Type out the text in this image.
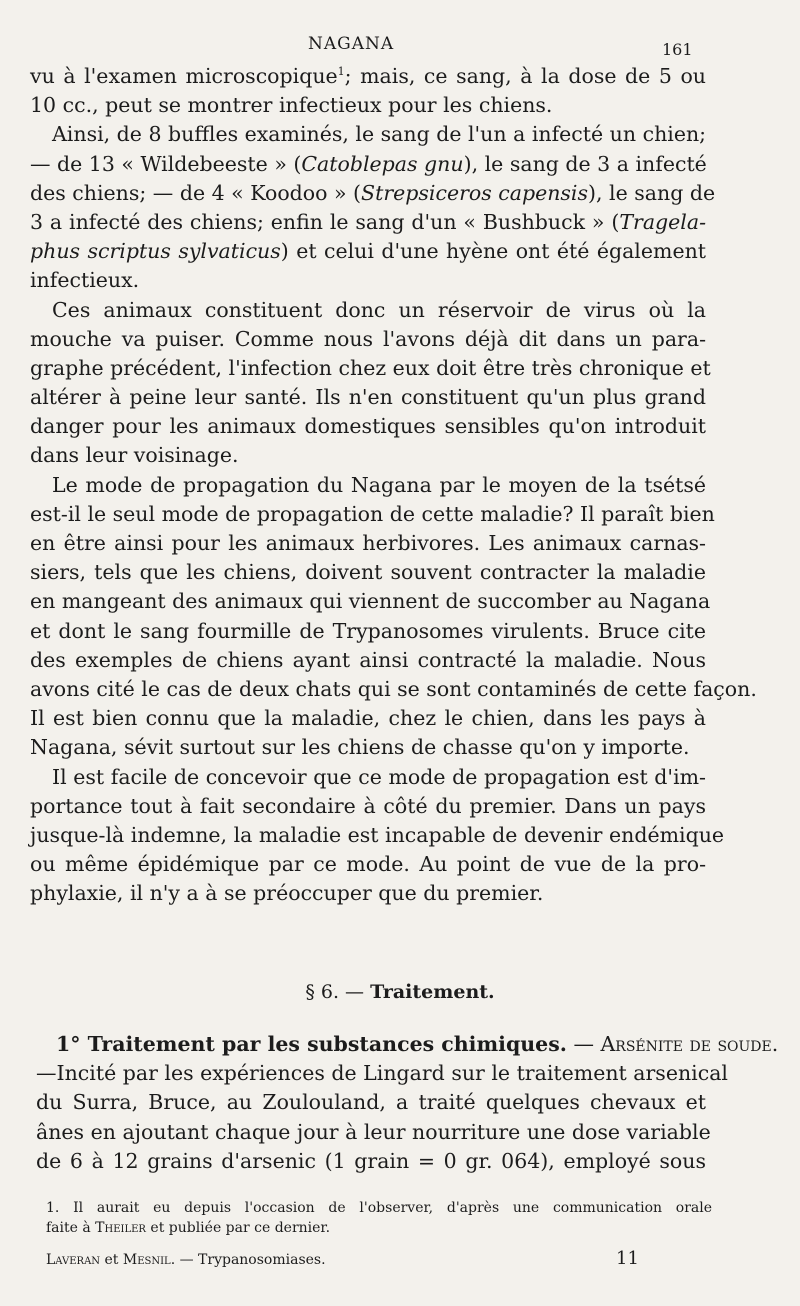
NAGANA	161
vu à l'examen microscopique$^1$; mais, ce sang, à la dose de 5 ou
10 cc., peut se montrer infectieux pour les chiens.
Ainsi, de 8 buffles examinés, le sang de l'un a infecté un chien;
— de 13 « Wildebeeste » (Catoblepas gnu), le sang de 3 a infecté
des chiens; — de 4 « Koodoo » (Strepsiceros capensis), le sang de
3 a infecté des chiens; enfin le sang d'un « Bushbuck » (Tragela-
phus scriptus sylvaticus) et celui d'une hyène ont été également
infectieux.
Ces animaux constituent donc un réservoir de virus où la
mouche va puiser. Comme nous l'avons déjà dit dans un para-
graphe précédent, l'infection chez eux doit être très chronique et
altérer à peine leur santé. Ils n'en constituent qu'un plus grand
danger pour les animaux domestiques sensibles qu'on introduit
dans leur voisinage.
Le mode de propagation du Nagana par le moyen de la tsétsé
est-il le seul mode de propagation de cette maladie? Il paraît bien
en être ainsi pour les animaux herbivores. Les animaux carnas-
siers, tels que les chiens, doivent souvent contracter la maladie
en mangeant des animaux qui viennent de succomber au Nagana
et dont le sang fourmille de Trypanosomes virulents. Bruce cite
des exemples de chiens ayant ainsi contracté la maladie. Nous
avons cité le cas de deux chats qui se sont contaminés de cette façon.
Il est bien connu que la maladie, chez le chien, dans les pays à
Nagana, sévit surtout sur les chiens de chasse qu'on y importe.
Il est facile de concevoir que ce mode de propagation est d'im-
portance tout à fait secondaire à côté du premier. Dans un pays
jusque-là indemne, la maladie est incapable de devenir endémique
ou même épidémique par ce mode. Au point de vue de la pro-
phylaxie, il n'y a à se préoccuper que du premier.
§ 6. — Traitement.
1° Traitement par les substances chimiques. — Arsénite de soude.
—Incité par les expériences de Lingard sur le traitement arsenical
du Surra, Bruce, au Zoulouland, a traité quelques chevaux et
ânes en ajoutant chaque jour à leur nourriture une dose variable
de 6 à 12 grains d'arsenic (1 grain = 0 gr. 064), employé sous
1. Il aurait eu depuis l'occasion de l'observer, d'après une communication orale
faite à Theiler et publiée par ce dernier.
Laveran et Mesnil. — Trypanosomiases.	11
